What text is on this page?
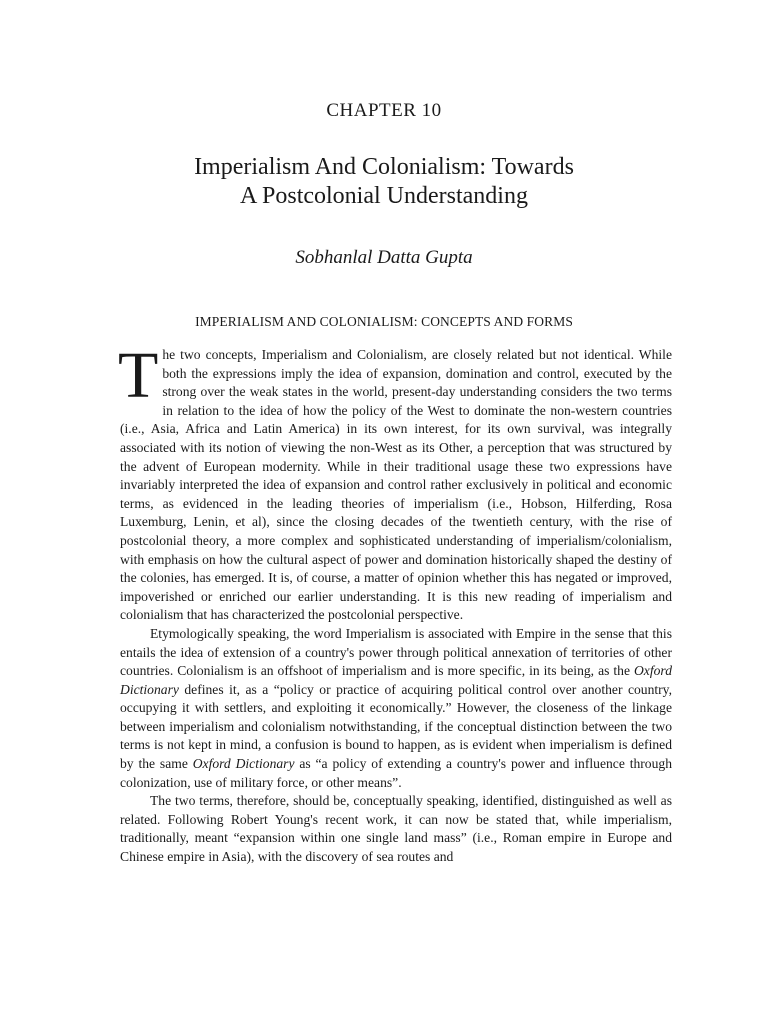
CHAPTER 10
Imperialism And Colonialism: Towards
A Postcolonial Understanding
Sobhanlal Datta Gupta
IMPERIALISM AND COLONIALISM: CONCEPTS AND FORMS

The two concepts, Imperialism and Colonialism, are closely related but not identical. While both the expressions imply the idea of expansion, domination and control, executed by the strong over the weak states in the world, present-day understanding considers the two terms in relation to the idea of how the policy of the West to dominate the non-western countries (i.e., Asia, Africa and Latin America) in its own interest, for its own survival, was integrally associated with its notion of viewing the non-West as its Other, a perception that was structured by the advent of European modernity. While in their traditional usage these two expressions have invariably interpreted the idea of expansion and control rather exclusively in political and economic terms, as evidenced in the leading theories of imperialism (i.e., Hobson, Hilferding, Rosa Luxemburg, Lenin, et al), since the closing decades of the twentieth century, with the rise of postcolonial theory, a more complex and sophisticated understanding of imperialism/colonialism, with emphasis on how the cultural aspect of power and domination historically shaped the destiny of the colonies, has emerged. It is, of course, a matter of opinion whether this has negated or improved, impoverished or enriched our earlier understanding. It is this new reading of imperialism and colonialism that has characterized the postcolonial perspective.

Etymologically speaking, the word Imperialism is associated with Empire in the sense that this entails the idea of extension of a country's power through political annexation of territories of other countries. Colonialism is an offshoot of imperialism and is more specific, in its being, as the Oxford Dictionary defines it, as a “policy or practice of acquiring political control over another country, occupying it with settlers, and exploiting it economically.” However, the closeness of the linkage between imperialism and colonialism notwithstanding, if the conceptual distinction between the two terms is not kept in mind, a confusion is bound to happen, as is evident when imperialism is defined by the same Oxford Dictionary as “a policy of extending a country's power and influence through colonization, use of military force, or other means”.

The two terms, therefore, should be, conceptually speaking, identified, distinguished as well as related. Following Robert Young's recent work, it can now be stated that, while imperialism, traditionally, meant “expansion within one single land mass” (i.e., Roman empire in Europe and Chinese empire in Asia), with the discovery of sea routes and
